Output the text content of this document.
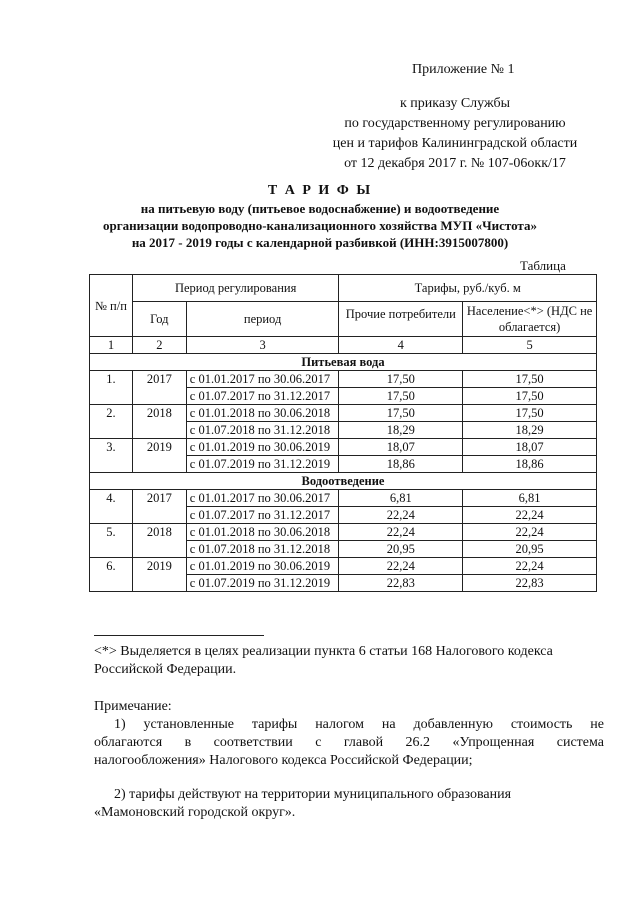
Приложение № 1
к приказу Службы
по государственному регулированию
цен и тарифов Калининградской области
от 12 декабря 2017 г. № 107-06окк/17
Т А Р И Ф Ы
на питьевую воду (питьевое водоснабжение) и водоотведение
организации водопроводно-канализационного хозяйства МУП «Чистота»
на 2017 - 2019 годы с календарной разбивкой (ИНН:3915007800)
Таблица
№ п/п	Период регулирования		Тарифы, руб./куб. м	
	Год	период	Прочие потребители	Население<*> (НДС не облагается)
1	2	3	4	5
Питьевая вода				
1.	2017	с 01.01.2017 по 30.06.2017	17,50	17,50
		с 01.07.2017 по 31.12.2017	17,50	17,50
2.	2018	с 01.01.2018 по 30.06.2018	17,50	17,50
		с 01.07.2018 по 31.12.2018	18,29	18,29
3.	2019	с 01.01.2019 по 30.06.2019	18,07	18,07
		с 01.07.2019 по 31.12.2019	18,86	18,86
Водоотведение				
4.	2017	с 01.01.2017 по 30.06.2017	6,81	6,81
		с 01.07.2017 по 31.12.2017	22,24	22,24
5.	2018	с 01.01.2018 по 30.06.2018	22,24	22,24
		с 01.07.2018 по 31.12.2018	20,95	20,95
6.	2019	с 01.01.2019 по 30.06.2019	22,24	22,24
		с 01.07.2019 по 31.12.2019	22,83	22,83
<*> Выделяется в целях реализации пункта 6 статьи 168 Налогового кодекса
Российской Федерации.
Примечание:
1) установленные тарифы налогом на добавленную стоимость не
облагаются в соответствии с главой 26.2 «Упрощенная система
налогообложения» Налогового кодекса Российской Федерации;
2) тарифы действуют на территории муниципального образования
«Мамоновский городской округ».
